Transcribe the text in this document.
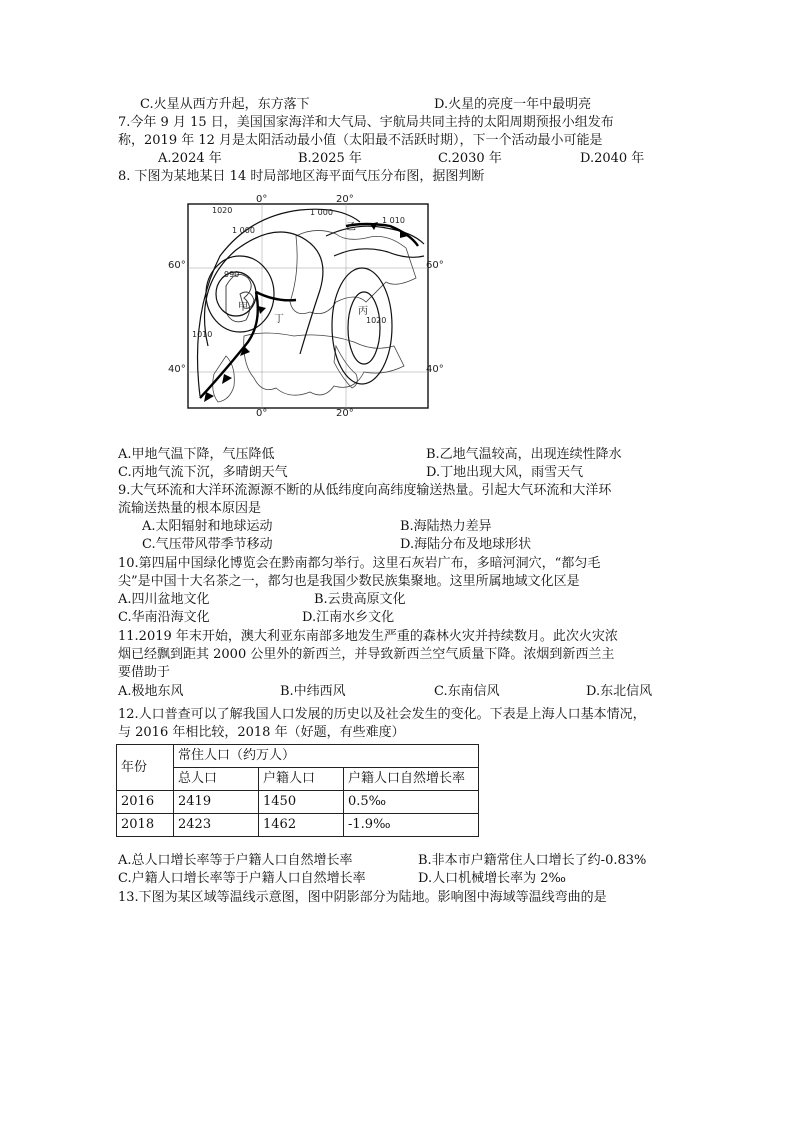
C.火星从西方升起，东方落下	D.火星的亮度一年中最明亮
7.今年 9 月 15 日，美国国家海洋和大气局、宇航局共同主持的太阳周期预报小组发布
称，2019 年 12 月是太阳活动最小值（太阳最不活跃时期），下一个活动最小可能是
A.2024 年	B.2025 年	C.2030 年	D.2040 年
8. 下图为某地某日 14 时局部地区海平面气压分布图，据图判断
0°	20°
0°	20°
60°	60°
40°	40°
1020	1 000
1 010
1 000
990
1010
1020
甲
乙
丙
丁
A.甲地气温下降，气压降低	B.乙地气温较高，出现连续性降水
C.丙地气流下沉，多晴朗天气	D.丁地出现大风，雨雪天气
9.大气环流和大洋环流源源不断的从低纬度向高纬度输送热量。引起大气环流和大洋环
流输送热量的根本原因是
A.太阳辐射和地球运动	B.海陆热力差异
C.气压带风带季节移动	D.海陆分布及地球形状
10.第四届中国绿化博览会在黔南都匀举行。这里石灰岩广布，多暗河洞穴，“都匀毛
尖”是中国十大名茶之一，都匀也是我国少数民族集聚地。这里所属地域文化区是
A.四川盆地文化	B.云贵高原文化
C.华南沿海文化	D.江南水乡文化
11.2019 年末开始，澳大利亚东南部多地发生严重的森林火灾并持续数月。此次火灾浓
烟已经飘到距其 2000 公里外的新西兰，并导致新西兰空气质量下降。浓烟到新西兰主
要借助于
A.极地东风	B.中纬西风	C.东南信风	D.东北信风
12.人口普查可以了解我国人口发展的历史以及社会发生的变化。下表是上海人口基本情况，
与 2016 年相比较，2018 年（好题，有些难度）
年份	常住人口（约万人）		
	总人口	户籍人口	户籍人口自然增长率
2016	2419	1450	0.5‰
2018	2423	1462	-1.9‰
A.总人口增长率等于户籍人口自然增长率	B.非本市户籍常住人口增长了约-0.83%
C.户籍人口增长率等于户籍人口自然增长率	D.人口机械增长率为 2‰
13.下图为某区域等温线示意图，图中阴影部分为陆地。影响图中海域等温线弯曲的是
